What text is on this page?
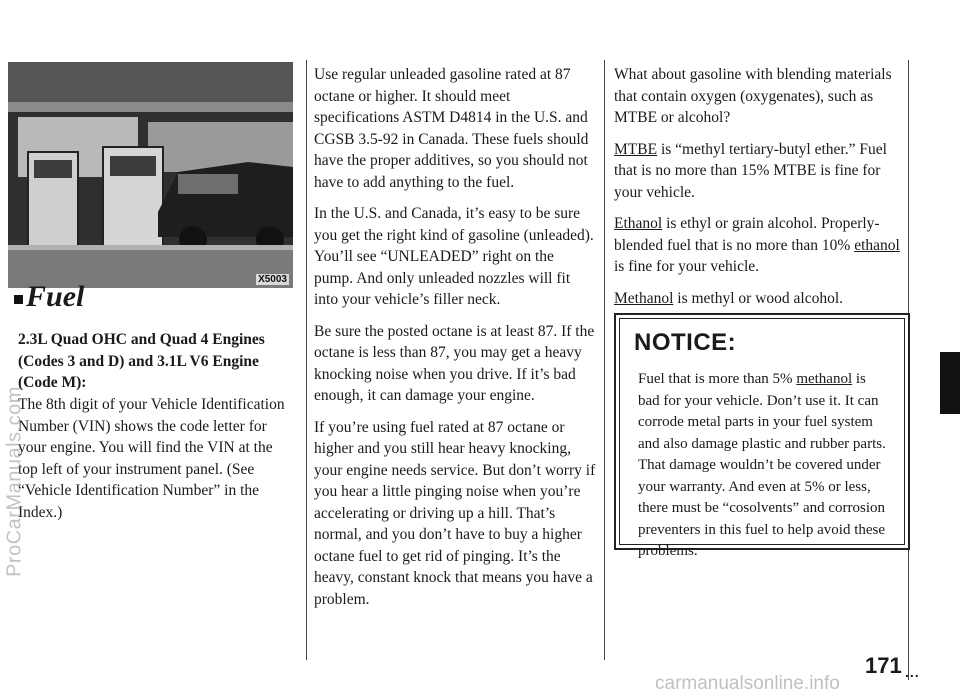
X5003
Fuel
2.3L Quad OHC and Quad 4 Engines (Codes 3 and D) and 3.1L V6 Engine (Code M):

The 8th digit of your Vehicle Identification Number (VIN) shows the code letter for your engine. You will find the VIN at the top left of your instrument panel. (See “Vehicle Identification Number” in the Index.)

Use regular unleaded gasoline rated at 87 octane or higher. It should meet specifications ASTM D4814 in the U.S. and CGSB 3.5-92 in Canada. These fuels should have the proper additives, so you should not have to add anything to the fuel.

In the U.S. and Canada, it’s easy to be sure you get the right kind of gasoline (unleaded). You’ll see “UNLEADED” right on the pump. And only unleaded nozzles will fit into your vehicle’s filler neck.

Be sure the posted octane is at least 87. If the octane is less than 87, you may get a heavy knocking noise when you drive. If it’s bad enough, it can damage your engine.

If you’re using fuel rated at 87 octane or higher and you still hear heavy knocking, your engine needs service. But don’t worry if you hear a little pinging noise when you’re accelerating or driving up a hill. That’s normal, and you don’t have to buy a higher octane fuel to get rid of pinging. It’s the heavy, constant knock that means you have a problem.

What about gasoline with blending materials that contain oxygen (oxygenates), such as MTBE or alcohol?

MTBE is “methyl tertiary-butyl ether.” Fuel that is no more than 15% MTBE is fine for your vehicle.

Ethanol is ethyl or grain alcohol. Properly-blended fuel that is no more than 10% ethanol is fine for your vehicle.

Methanol is methyl or wood alcohol.

NOTICE:

Fuel that is more than 5% methanol is bad for your vehicle. Don’t use it. It can corrode metal parts in your fuel system and also damage plastic and rubber parts. That damage wouldn’t be covered under your warranty. And even at 5% or less, there must be “cosolvents” and corrosion preventers in this fuel to help avoid these problems.

171 ...
ProCarManuals.com
carmanualsonline.info
